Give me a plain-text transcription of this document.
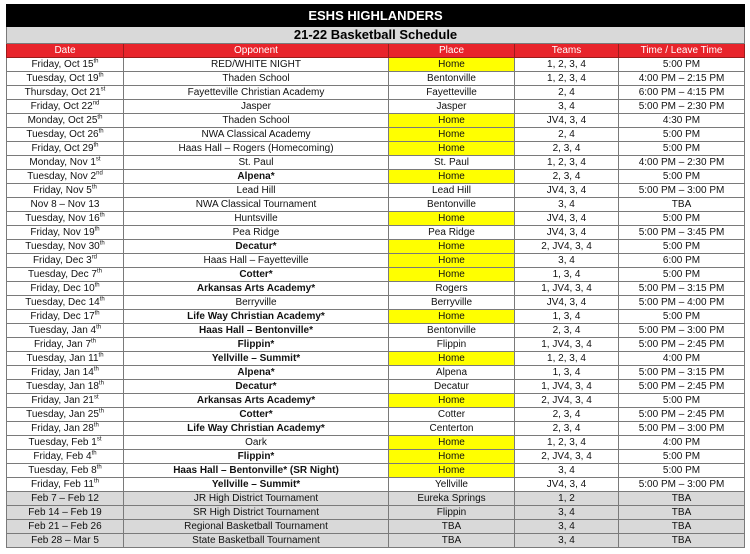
ESHS HIGHLANDERS				
21-22 Basketball Schedule				
Date	Opponent	Place	Teams	Time / Leave Time
Friday, Oct 15th	RED/WHITE NIGHT	Home	1, 2, 3, 4	5:00 PM
Tuesday, Oct 19th	Thaden School	Bentonville	1, 2, 3, 4	4:00 PM – 2:15 PM
Thursday, Oct 21st	Fayetteville Christian Academy	Fayetteville	2, 4	6:00 PM – 4:15 PM
Friday, Oct 22nd	Jasper	Jasper	3, 4	5:00 PM – 2:30 PM
Monday, Oct 25th	Thaden School	Home	JV4, 3, 4	4:30 PM
Tuesday, Oct 26th	NWA Classical Academy	Home	2, 4	5:00 PM
Friday, Oct 29th	Haas Hall – Rogers (Homecoming)	Home	2, 3, 4	5:00 PM
Monday, Nov 1st	St. Paul	St. Paul	1, 2, 3, 4	4:00 PM – 2:30 PM
Tuesday, Nov 2nd	Alpena*	Home	2, 3, 4	5:00 PM
Friday, Nov 5th	Lead Hill	Lead Hill	JV4, 3, 4	5:00 PM – 3:00 PM
Nov 8 – Nov 13	NWA Classical Tournament	Bentonville	3, 4	TBA
Tuesday, Nov 16th	Huntsville	Home	JV4, 3, 4	5:00 PM
Friday, Nov 19th	Pea Ridge	Pea Ridge	JV4, 3, 4	5:00 PM – 3:45 PM
Tuesday, Nov 30th	Decatur*	Home	2, JV4, 3, 4	5:00 PM
Friday, Dec 3rd	Haas Hall – Fayetteville	Home	3, 4	6:00 PM
Tuesday, Dec 7th	Cotter*	Home	1, 3, 4	5:00 PM
Friday, Dec 10th	Arkansas Arts Academy*	Rogers	1, JV4, 3, 4	5:00 PM – 3:15 PM
Tuesday, Dec 14th	Berryville	Berryville	JV4, 3, 4	5:00 PM – 4:00 PM
Friday, Dec 17th	Life Way Christian Academy*	Home	1, 3, 4	5:00 PM
Tuesday, Jan 4th	Haas Hall – Bentonville*	Bentonville	2, 3, 4	5:00 PM – 3:00 PM
Friday, Jan 7th	Flippin*	Flippin	1, JV4, 3, 4	5:00 PM – 2:45 PM
Tuesday, Jan 11th	Yellville – Summit*	Home	1, 2, 3, 4	4:00 PM
Friday, Jan 14th	Alpena*	Alpena	1, 3, 4	5:00 PM – 3:15 PM
Tuesday, Jan 18th	Decatur*	Decatur	1, JV4, 3, 4	5:00 PM – 2:45 PM
Friday, Jan 21st	Arkansas Arts Academy*	Home	2, JV4, 3, 4	5:00 PM
Tuesday, Jan 25th	Cotter*	Cotter	2, 3, 4	5:00 PM – 2:45 PM
Friday, Jan 28th	Life Way Christian Academy*	Centerton	2, 3, 4	5:00 PM – 3:00 PM
Tuesday, Feb 1st	Oark	Home	1, 2, 3, 4	4:00 PM
Friday, Feb 4th	Flippin*	Home	2, JV4, 3, 4	5:00 PM
Tuesday, Feb 8th	Haas Hall – Bentonville* (SR Night)	Home	3, 4	5:00 PM
Friday, Feb 11th	Yellville – Summit*	Yellville	JV4, 3, 4	5:00 PM – 3:00 PM
Feb 7 – Feb 12	JR High District Tournament	Eureka Springs	1, 2	TBA
Feb 14 – Feb 19	SR High District Tournament	Flippin	3, 4	TBA
Feb 21 – Feb 26	Regional Basketball Tournament	TBA	3, 4	TBA
Feb 28 – Mar 5	State Basketball Tournament	TBA	3, 4	TBA
